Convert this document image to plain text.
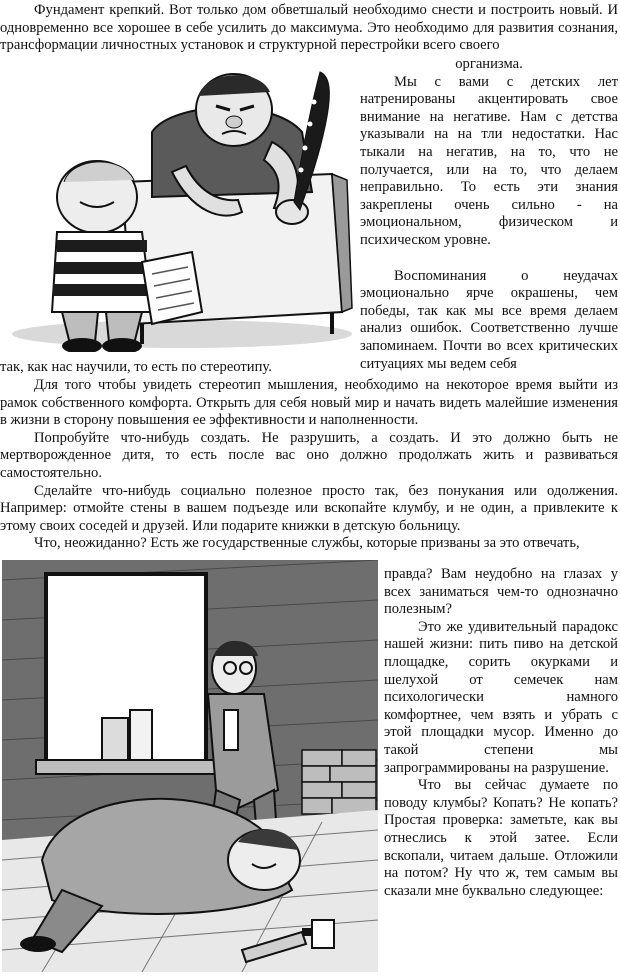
Фундамент крепкий. Вот только дом обветшалый необходимо снести и построить новый. И одновременно все хорошее в себе усилить до максимума. Это необходимо для развития сознания, трансформации личностных установок и структурной перестройки всего своего

организма.

Мы с вами с детских лет натренированы акцентировать свое внимание на негативе. Нам с детства указывали на на тли недостатки. Нас тыкали на негатив, на то, что не получается, или на то, что делаем неправильно. То есть эти знания закреплены очень сильно - на эмоциональном, физическом и психическом уровне.

Воспоминания о неудачах эмоционально ярче окрашены, чем победы, так как мы все время делаем анализ ошибок. Соответственно лучше запоминаем. Почти во всех критических ситуациях мы ведем себя

так, как нас научили, то есть по стереотипу.

Для того чтобы увидеть стереотип мышления, необходимо на некоторое время выйти из рамок собственного комфорта. Открыть для себя новый мир и начать видеть малейшие изменения в жизни в сторону повышения ее эффективности и наполненности.

Попробуйте что-нибудь создать. Не разрушить, а создать. И это должно быть не мертворожденное дитя, то есть после вас оно должно продолжать жить и развиваться самостоятельно.

Сделайте что-нибудь социально полезное просто так, без понукания или одолжения. Например: отмойте стены в вашем подъезде или вскопайте клумбу, и не один, а привлеките к этому своих соседей и друзей. Или подарите книжки в детскую больницу.

Что, неожиданно? Есть же государственные службы, которые призваны за это отвечать,

правда? Вам неудобно на глазах у всех заниматься чем-то однозначно полезным?

Это же удивительный парадокс нашей жизни: пить пиво на детской площадке, сорить окурками и шелухой от семечек нам психологически намного комфортнее, чем взять и убрать с этой площадки мусор. Именно до такой степени мы запрограммированы на разрушение.

Что вы сейчас думаете по поводу клумбы? Копать? Не копать? Простая проверка: заметьте, как вы отнеслись к этой затее. Если вскопали, читаем дальше. Отложили на потом? Ну что ж, тем самым вы сказали мне буквально следующее:
